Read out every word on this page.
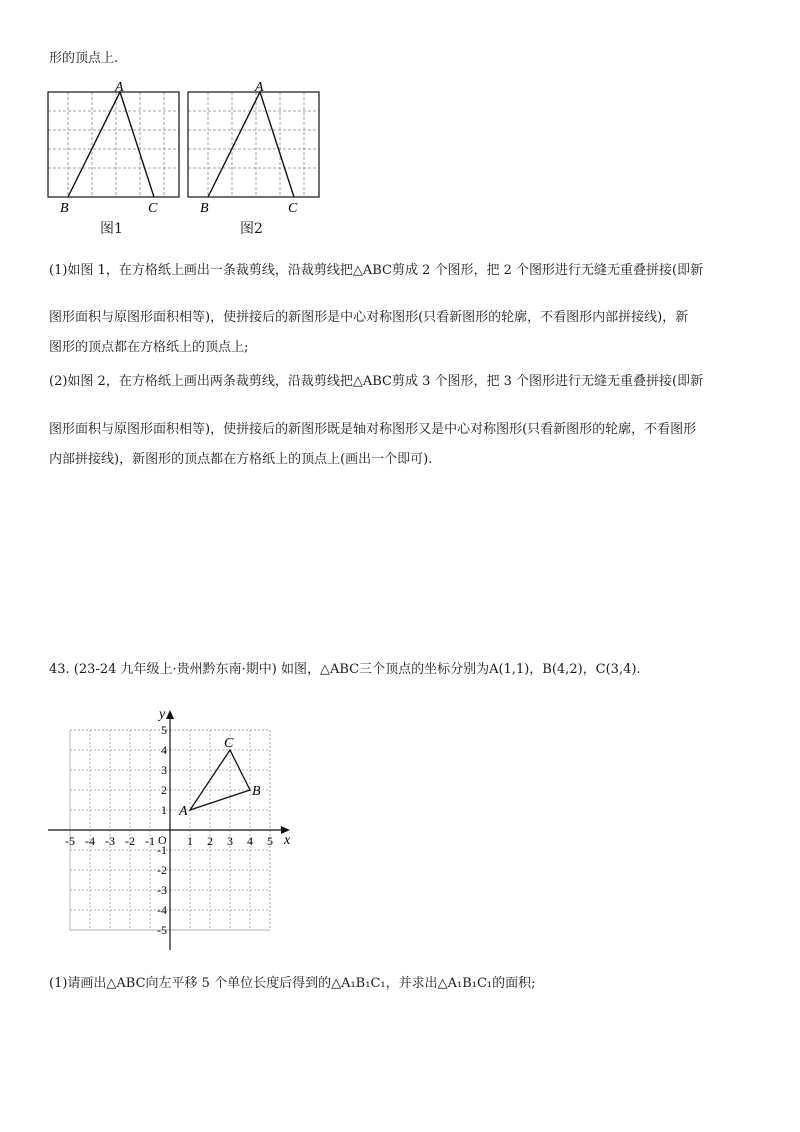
形的顶点上.
A
B	C
图1
A
B	C
图2
(1)如图 1，在方格纸上画出一条裁剪线，沿裁剪线把△ABC剪成 2 个图形，把 2 个图形进行无缝无重叠拼接(即新
图形面积与原图形面积相等)，使拼接后的新图形是中心对称图形(只看新图形的轮廓，不看图形内部拼接线)，新
图形的顶点都在方格纸上的顶点上;
(2)如图 2，在方格纸上画出两条裁剪线，沿裁剪线把△ABC剪成 3 个图形，把 3 个图形进行无缝无重叠拼接(即新
图形面积与原图形面积相等)，使拼接后的新图形既是轴对称图形又是中心对称图形(只看新图形的轮廓，不看图形
内部拼接线)，新图形的顶点都在方格纸上的顶点上(画出一个即可).
43. (23-24 九年级上·贵州黔东南·期中) 如图，△ABC三个顶点的坐标分别为A(1,1)，B(4,2)，C(3,4).
x
y
O
-5 -4 -3 -2 -1	1 2 3 4 5
5
4
3
2
1
-1
-2
-3
-4
-5
A
B
C
(1)请画出△ABC向左平移 5 个单位长度后得到的△A₁B₁C₁，并求出△A₁B₁C₁的面积;
